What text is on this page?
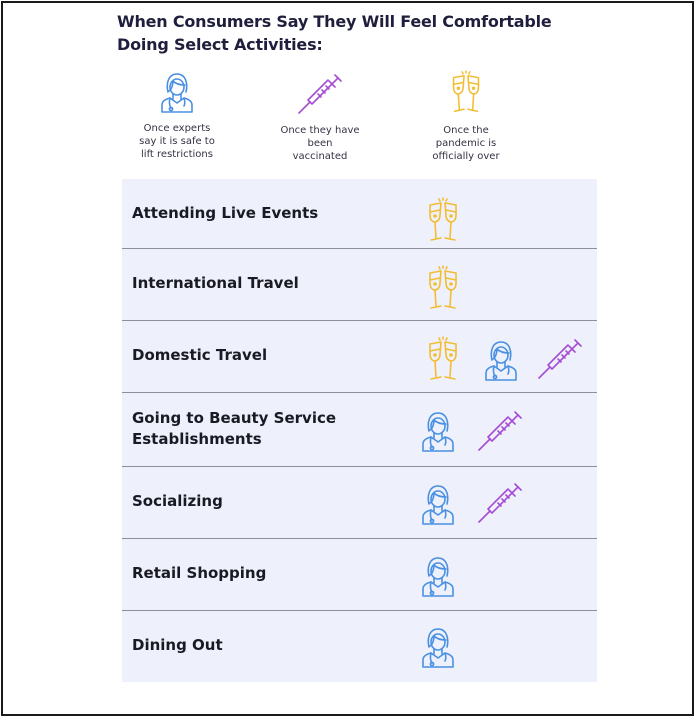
When Consumers Say They Will Feel Comfortable
Doing Select Activities:
Once experts
say it is safe to
lift restrictions
Once they have
been
vaccinated
Once the
pandemic is
officially over
Attending Live Events
International Travel
Domestic Travel
Going to Beauty Service
Establishments
Socializing
Retail Shopping
Dining Out
